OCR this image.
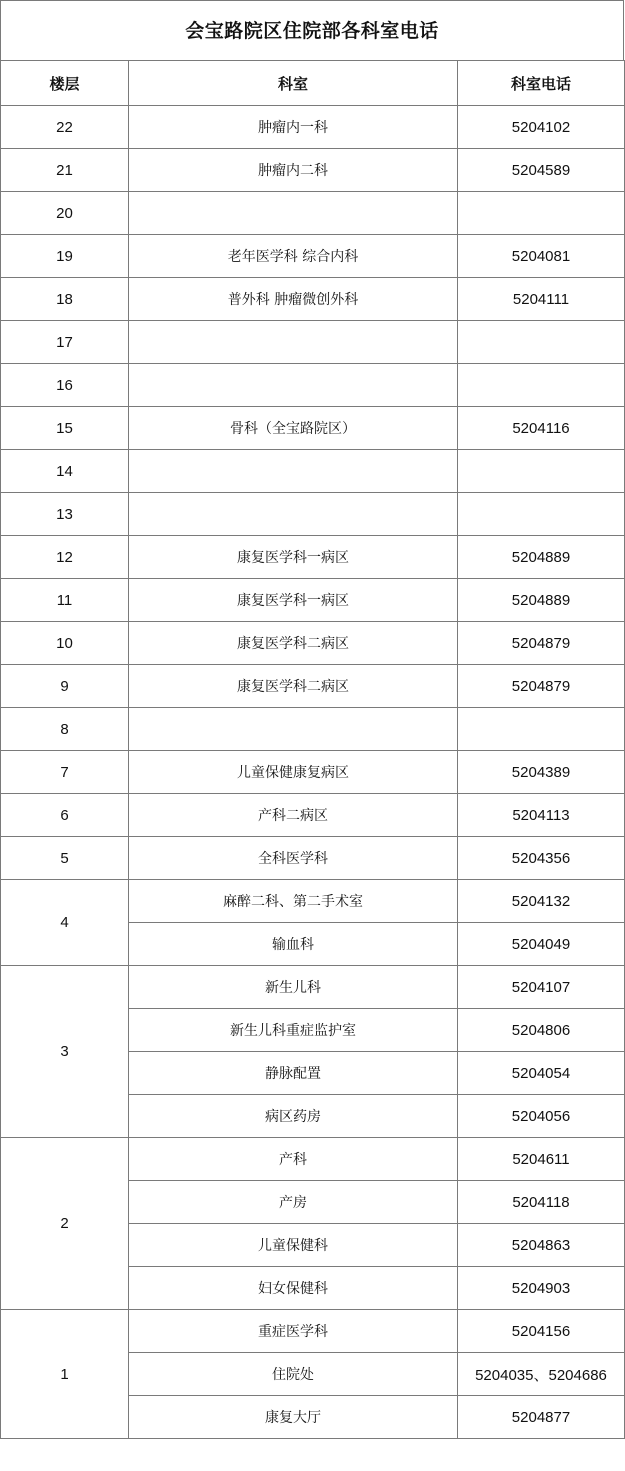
会宝路院区住院部各科室电话
楼层	科室	科室电话
22	肿瘤内一科	5204102
21	肿瘤内二科	5204589
20		
19	老年医学科 综合内科	5204081
18	普外科 肿瘤微创外科	5204111
17		
16		
15	骨科（全宝路院区）	5204116
14		
13		
12	康复医学科一病区	5204889
11	康复医学科一病区	5204889
10	康复医学科二病区	5204879
9	康复医学科二病区	5204879
8		
7	儿童保健康复病区	5204389
6	产科二病区	5204113
5	全科医学科	5204356
4	麻醉二科、第二手术室	5204132
	输血科	5204049
3	新生儿科	5204107
	新生儿科重症监护室	5204806
	静脉配置	5204054
	病区药房	5204056
2	产科	5204611
	产房	5204118
	儿童保健科	5204863
	妇女保健科	5204903
1	重症医学科	5204156
	住院处	5204035、5204686
	康复大厅	5204877
